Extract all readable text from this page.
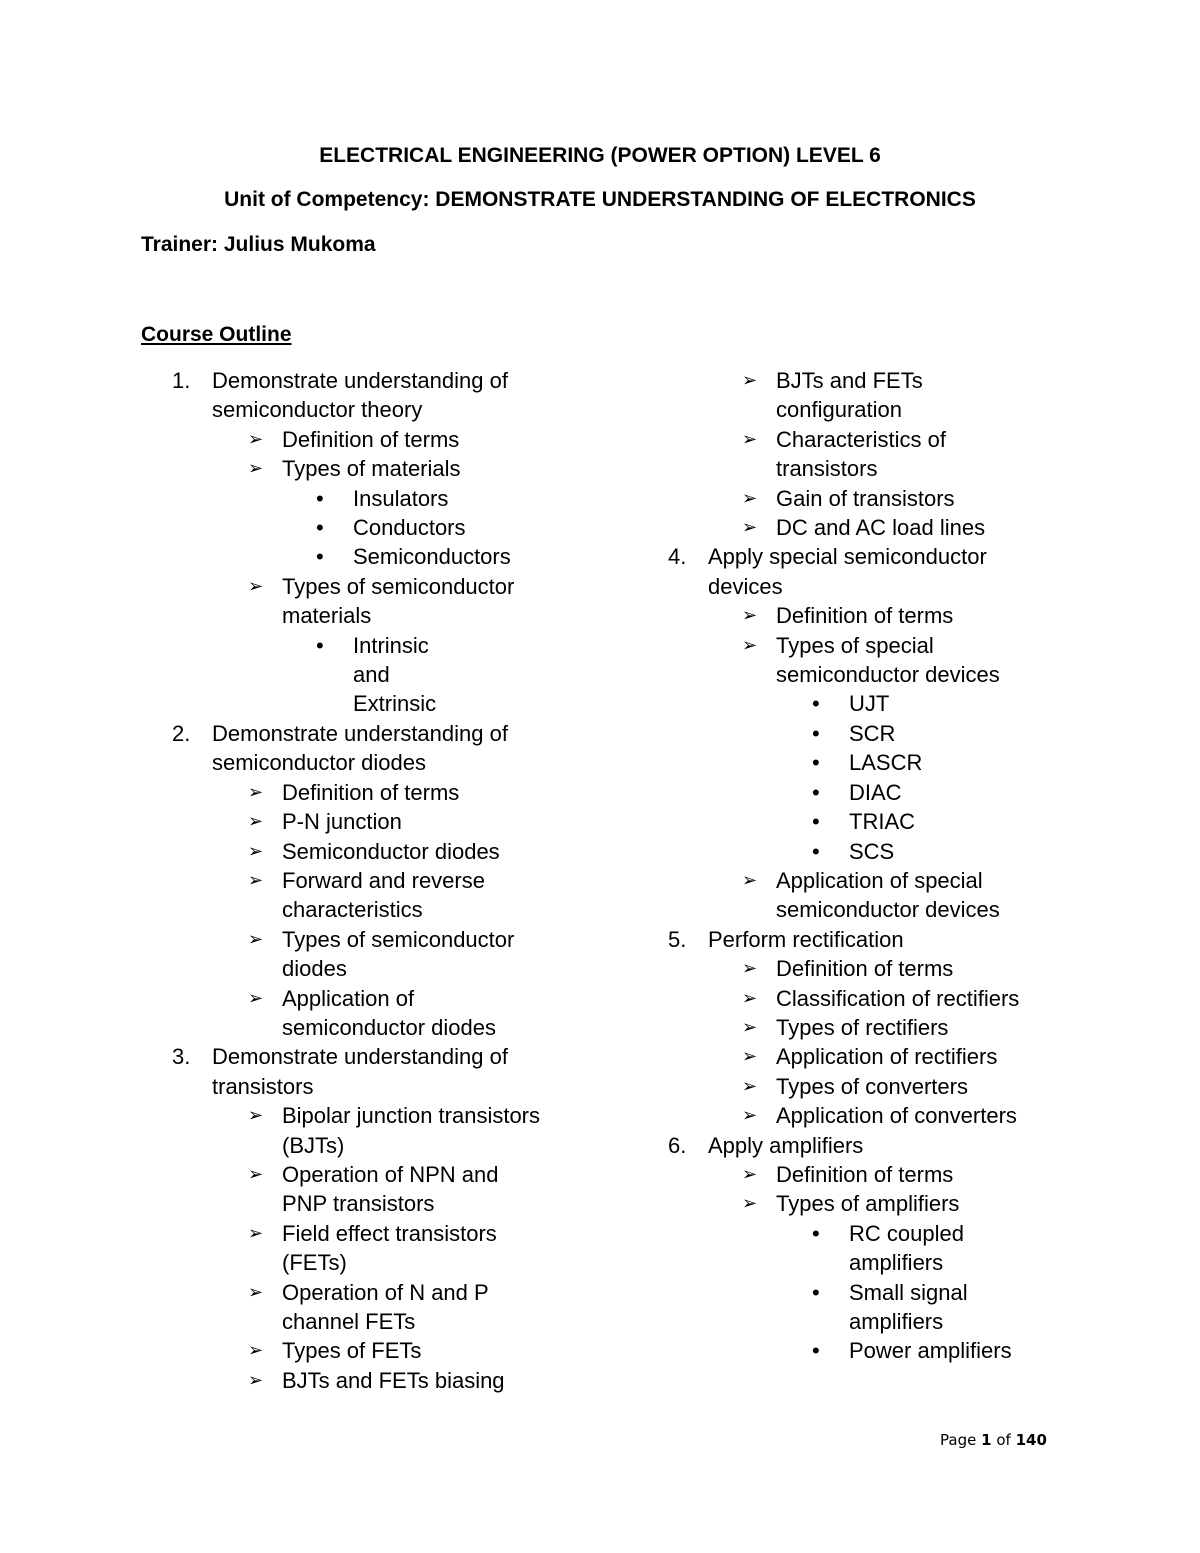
ELECTRICAL ENGINEERING (POWER OPTION) LEVEL 6
Unit of Competency: DEMONSTRATE UNDERSTANDING OF ELECTRONICS
Trainer: Julius Mukoma
Course Outline
1. Demonstrate understanding of semiconductor theory
➢ Definition of terms
➢ Types of materials
• Insulators
• Conductors
• Semiconductors
➢ Types of semiconductor materials
• Intrinsic and Extrinsic
2. Demonstrate understanding of semiconductor diodes
➢ Definition of terms
➢ P-N junction
➢ Semiconductor diodes
➢ Forward and reverse characteristics
➢ Types of semiconductor diodes
➢ Application of semiconductor diodes
3. Demonstrate understanding of transistors
➢ Bipolar junction transistors (BJTs)
➢ Operation of NPN and PNP transistors
➢ Field effect transistors (FETs)
➢ Operation of N and P channel FETs
➢ Types of FETs
➢ BJTs and FETs biasing
➢ BJTs and FETs configuration
➢ Characteristics of transistors
➢ Gain of transistors
➢ DC and AC load lines
4. Apply special semiconductor devices
➢ Definition of terms
➢ Types of special semiconductor devices
• UJT
• SCR
• LASCR
• DIAC
• TRIAC
• SCS
➢ Application of special semiconductor devices
5. Perform rectification
➢ Definition of terms
➢ Classification of rectifiers
➢ Types of rectifiers
➢ Application of rectifiers
➢ Types of converters
➢ Application of converters
6. Apply amplifiers
➢ Definition of terms
➢ Types of amplifiers
• RC coupled amplifiers
• Small signal amplifiers
• Power amplifiers
Page 1 of 140
